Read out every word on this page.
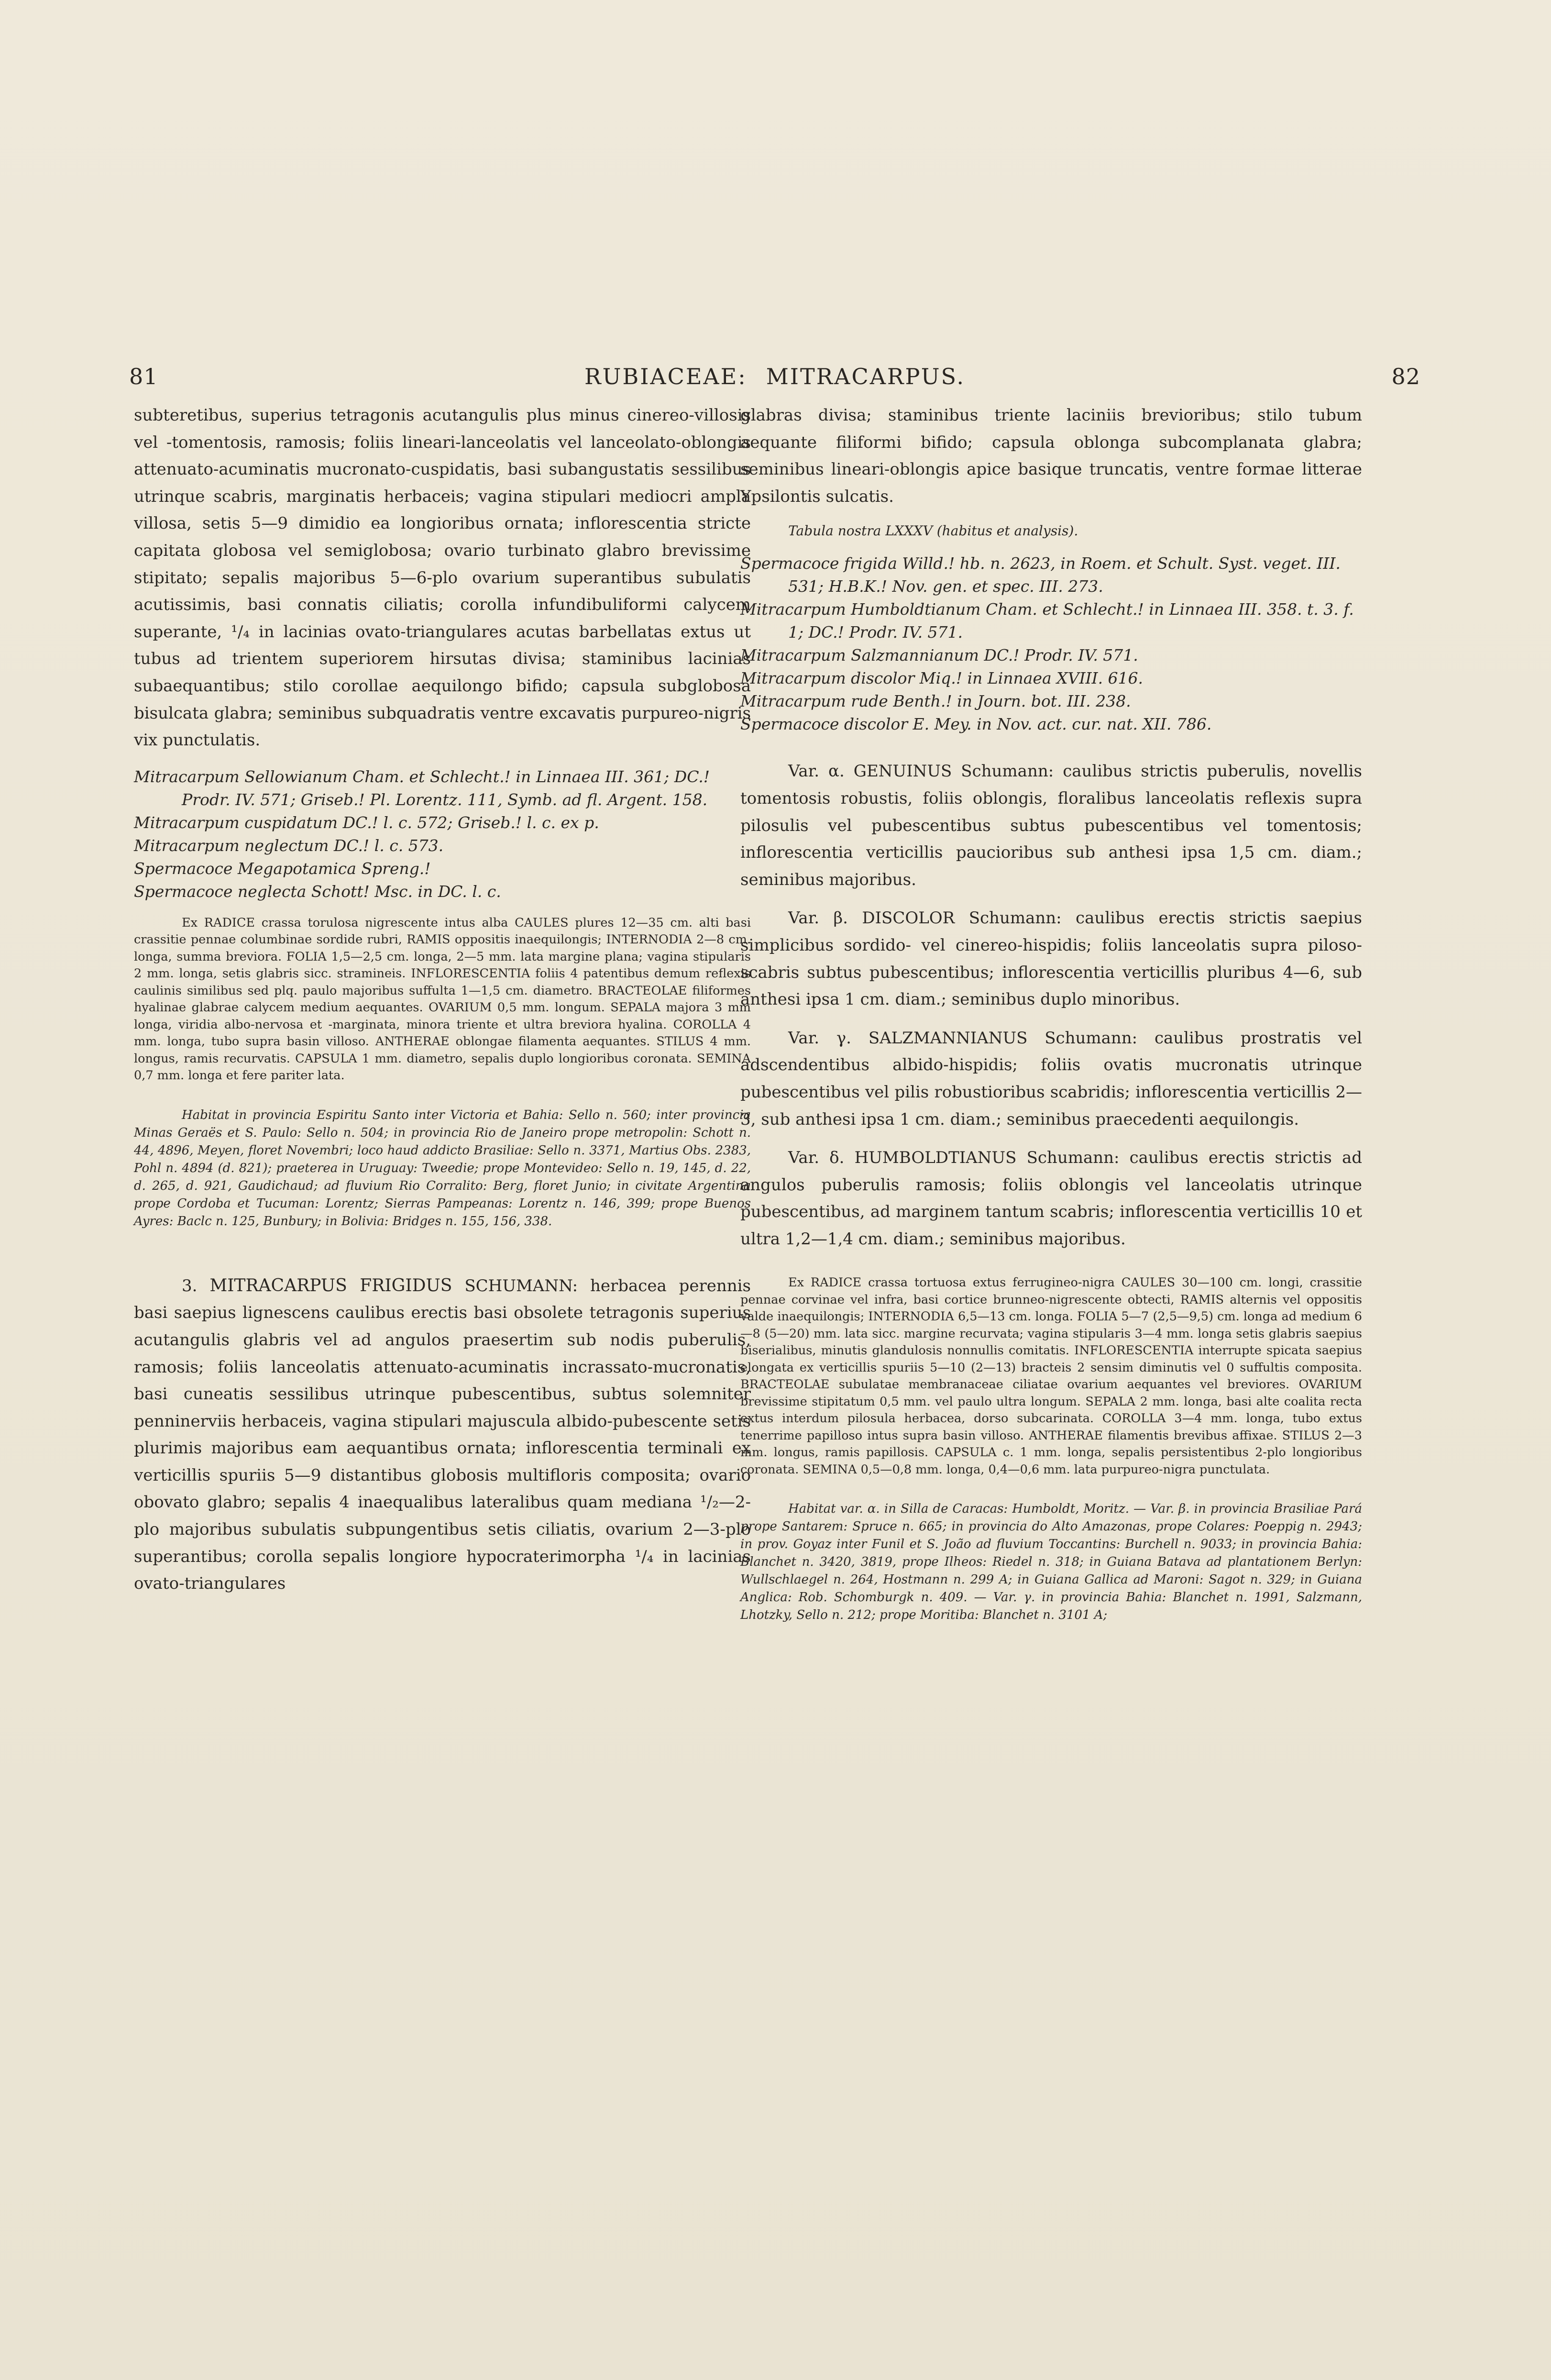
81	RUBIACEAE: MITRACARPUS.	82

subteretibus, superius tetragonis acutangulis plus minus cinereo-villosis vel -tomentosis, ramosis; foliis lineari-lanceolatis vel lanceolato-oblongis attenuato-acuminatis mucronato-cuspidatis, basi subangustatis sessilibus utrinque scabris, marginatis herbaceis; vagina stipulari mediocri ampla villosa, setis 5—9 dimidio ea longioribus ornata; inflorescentia stricte capitata globosa vel semiglobosa; ovario turbinato glabro brevissime stipitato; sepalis majoribus 5—6-plo ovarium superantibus subulatis acutissimis, basi connatis ciliatis; corolla infundibuliformi calycem superante, ¹/₄ in lacinias ovato-triangulares acutas barbellatas extus ut tubus ad trientem superiorem hirsutas divisa; staminibus lacinias subaequantibus; stilo corollae aequilongo bifido; capsula subglobosa bisulcata glabra; seminibus subquadratis ventre excavatis purpureo-nigris vix punctulatis.

Mitracarpum Sellowianum Cham. et Schlecht.! in Linnaea III. 361; DC.! Prodr. IV. 571; Griseb.! Pl. Lorentz. 111, Symb. ad fl. Argent. 158.
Mitracarpum cuspidatum DC.! l. c. 572; Griseb.! l. c. ex p.
Mitracarpum neglectum DC.! l. c. 573.
Spermacoce Megapotamica Spreng.!
Spermacoce neglecta Schott! Msc. in DC. l. c.

Ex RADICE crassa torulosa nigrescente intus alba CAULES plures 12—35 cm. alti basi crassitie pennae columbinae sordide rubri, RAMIS oppositis inaequilongis; INTERNODIA 2—8 cm. longa, summa breviora. FOLIA 1,5—2,5 cm. longa, 2—5 mm. lata margine plana; vagina stipularis 2 mm. longa, setis glabris sicc. stramineis. INFLORESCENTIA foliis 4 patentibus demum reflexis caulinis similibus sed plq. paulo majoribus suffulta 1—1,5 cm. diametro. BRACTEOLAE filiformes hyalinae glabrae calycem medium aequantes. OVARIUM 0,5 mm. longum. SEPALA majora 3 mm longa, viridia albo-nervosa et -marginata, minora triente et ultra breviora hyalina. COROLLA 4 mm. longa, tubo supra basin villoso. ANTHERAE oblongae filamenta aequantes. STILUS 4 mm. longus, ramis recurvatis. CAPSULA 1 mm. diametro, sepalis duplo longioribus coronata. SEMINA 0,7 mm. longa et fere pariter lata.

Habitat in provincia Espiritu Santo inter Victoria et Bahia: Sello n. 560; inter provincia Minas Geraës et S. Paulo: Sello n. 504; in provincia Rio de Janeiro prope metropolin: Schott n. 44, 4896, Meyen, floret Novembri; loco haud addicto Brasiliae: Sello n. 3371, Martius Obs. 2383, Pohl n. 4894 (d. 821); praeterea in Uruguay: Tweedie; prope Montevideo: Sello n. 19, 145, d. 22, d. 265, d. 921, Gaudichaud; ad fluvium Rio Corralito: Berg, floret Junio; in civitate Argentina prope Cordoba et Tucuman: Lorentz; Sierras Pampeanas: Lorentz n. 146, 399; prope Buenos Ayres: Baclc n. 125, Bunbury; in Bolivia: Bridges n. 155, 156, 338.

3. MITRACARPUS FRIGIDUS SCHUMANN: herbacea perennis basi saepius lignescens caulibus erectis basi obsolete tetragonis superius acutangulis glabris vel ad angulos praesertim sub nodis puberulis, ramosis; foliis lanceolatis attenuato-acuminatis incrassato-mucronatis, basi cuneatis sessilibus utrinque pubescentibus, subtus solemniter penninerviis herbaceis, vagina stipulari majuscula albido-pubescente setis plurimis majoribus eam aequantibus ornata; inflorescentia terminali ex verticillis spuriis 5—9 distantibus globosis multifloris composita; ovario obovato glabro; sepalis 4 inaequalibus lateralibus quam mediana ¹/₂—2-plo majoribus subulatis subpungentibus setis ciliatis, ovarium 2—3-plo superantibus; corolla sepalis longiore hypocraterimorpha ¹/₄ in lacinias ovato-triangulares

glabras divisa; staminibus triente laciniis brevioribus; stilo tubum aequante filiformi bifido; capsula oblonga subcomplanata glabra; seminibus lineari-oblongis apice basique truncatis, ventre formae litterae Ypsilontis sulcatis.

Tabula nostra LXXXV (habitus et analysis).
Spermacoce frigida Willd.! hb. n. 2623, in Roem. et Schult. Syst. veget. III. 531; H.B.K.! Nov. gen. et spec. III. 273.
Mitracarpum Humboldtianum Cham. et Schlecht.! in Linnaea III. 358. t. 3. f. 1; DC.! Prodr. IV. 571.
Mitracarpum Salzmannianum DC.! Prodr. IV. 571.
Mitracarpum discolor Miq.! in Linnaea XVIII. 616.
Mitracarpum rude Benth.! in Journ. bot. III. 238.
Spermacoce discolor E. Mey. in Nov. act. cur. nat. XII. 786.

Var. α. GENUINUS Schumann: caulibus strictis puberulis, novellis tomentosis robustis, foliis oblongis, floralibus lanceolatis reflexis supra pilosulis vel pubescentibus subtus pubescentibus vel tomentosis; inflorescentia verticillis paucioribus sub anthesi ipsa 1,5 cm. diam.; seminibus majoribus.

Var. β. DISCOLOR Schumann: caulibus erectis strictis saepius simplicibus sordido- vel cinereo-hispidis; foliis lanceolatis supra piloso-scabris subtus pubescentibus; inflorescentia verticillis pluribus 4—6, sub anthesi ipsa 1 cm. diam.; seminibus duplo minoribus.

Var. γ. SALZMANNIANUS Schumann: caulibus prostratis vel adscendentibus albido-hispidis; foliis ovatis mucronatis utrinque pubescentibus vel pilis robustioribus scabridis; inflorescentia verticillis 2—3, sub anthesi ipsa 1 cm. diam.; seminibus praecedenti aequilongis.

Var. δ. HUMBOLDTIANUS Schumann: caulibus erectis strictis ad angulos puberulis ramosis; foliis oblongis vel lanceolatis utrinque pubescentibus, ad marginem tantum scabris; inflorescentia verticillis 10 et ultra 1,2—1,4 cm. diam.; seminibus majoribus.

Ex RADICE crassa tortuosa extus ferrugineo-nigra CAULES 30—100 cm. longi, crassitie pennae corvinae vel infra, basi cortice brunneo-nigrescente obtecti, RAMIS alternis vel oppositis valde inaequilongis; INTERNODIA 6,5—13 cm. longa. FOLIA 5—7 (2,5—9,5) cm. longa ad medium 6—8 (5—20) mm. lata sicc. margine recurvata; vagina stipularis 3—4 mm. longa setis glabris saepius biserialibus, minutis glandulosis nonnullis comitatis. INFLORESCENTIA interrupte spicata saepius elongata ex verticillis spuriis 5—10 (2—13) bracteis 2 sensim diminutis vel 0 suffultis composita. BRACTEOLAE subulatae membranaceae ciliatae ovarium aequantes vel breviores. OVARIUM brevissime stipitatum 0,5 mm. vel paulo ultra longum. SEPALA 2 mm. longa, basi alte coalita recta extus interdum pilosula herbacea, dorso subcarinata. COROLLA 3—4 mm. longa, tubo extus tenerrime papilloso intus supra basin villoso. ANTHERAE filamentis brevibus affixae. STILUS 2—3 mm. longus, ramis papillosis. CAPSULA c. 1 mm. longa, sepalis persistentibus 2-plo longioribus coronata. SEMINA 0,5—0,8 mm. longa, 0,4—0,6 mm. lata purpureo-nigra punctulata.

Habitat var. α. in Silla de Caracas: Humboldt, Moritz. — Var. β. in provincia Brasiliae Pará prope Santarem: Spruce n. 665; in provincia do Alto Amazonas, prope Colares: Poeppig n. 2943; in prov. Goyaz inter Funil et S. João ad fluvium Toccantins: Burchell n. 9033; in provincia Bahia: Blanchet n. 3420, 3819, prope Ilheos: Riedel n. 318; in Guiana Batava ad plantationem Berlyn: Wullschlaegel n. 264, Hostmann n. 299 A; in Guiana Gallica ad Maroni: Sagot n. 329; in Guiana Anglica: Rob. Schomburgk n. 409. — Var. γ. in provincia Bahia: Blanchet n. 1991, Salzmann, Lhotzky, Sello n. 212; prope Moritiba: Blanchet n. 3101 A;
